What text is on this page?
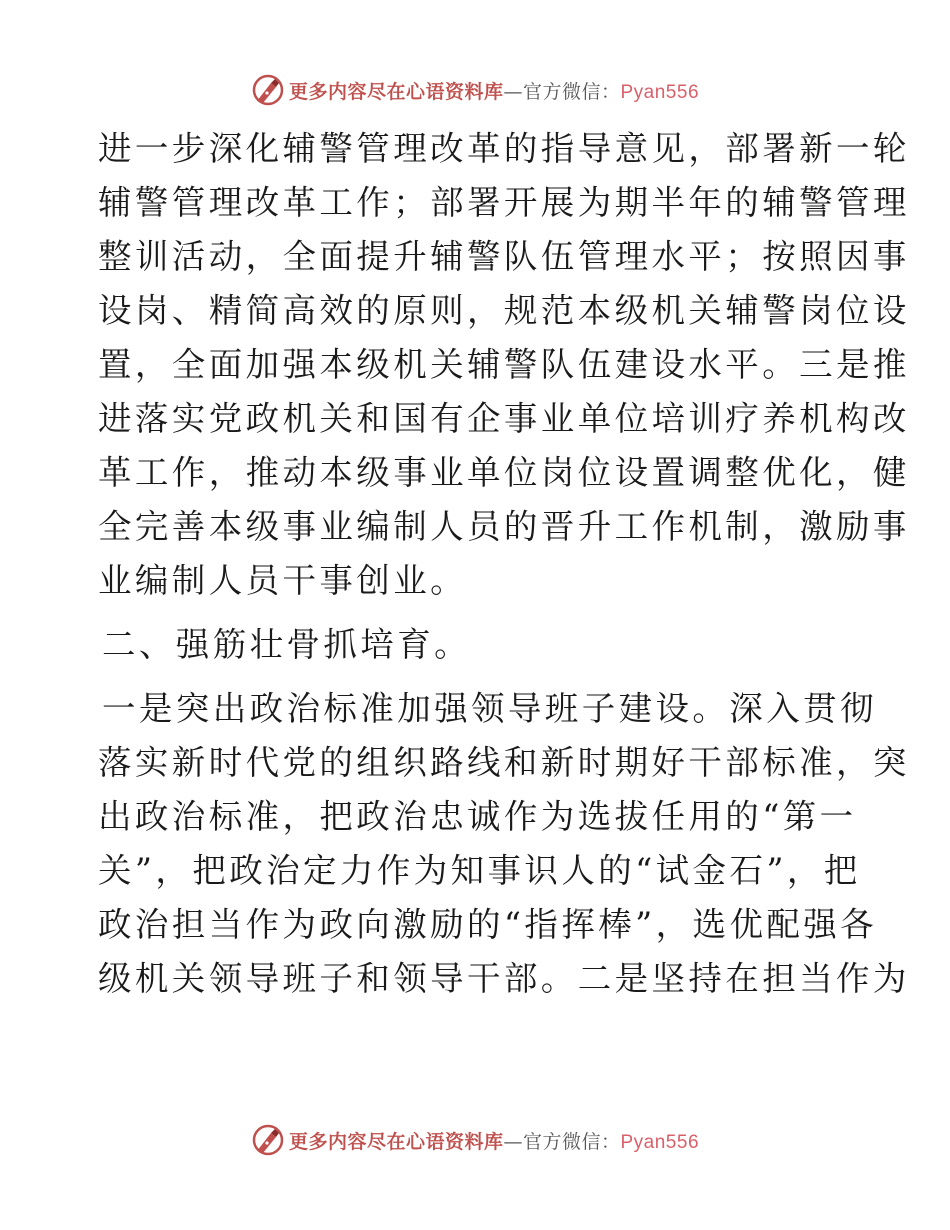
更多内容尽在心语资料库 —官方微信： Pyan556
进一步深化辅警管理改革的指导意见，部署新一轮
辅警管理改革工作；部署开展为期半年的辅警管理
整训活动，全面提升辅警队伍管理水平；按照因事
设岗、精简高效的原则，规范本级机关辅警岗位设
置，全面加强本级机关辅警队伍建设水平。三是推
进落实党政机关和国有企事业单位培训疗养机构改
革工作，推动本级事业单位岗位设置调整优化，健
全完善本级事业编制人员的晋升工作机制，激励事
业编制人员干事创业。
二、强筋壮骨抓培育。
一是突出政治标准加强领导班子建设。深入贯彻
落实新时代党的组织路线和新时期好干部标准，突
出政治标准，把政治忠诚作为选拔任用的“第一
关”，把政治定力作为知事识人的“试金石”，把
政治担当作为政向激励的“指挥棒”，选优配强各
级机关领导班子和领导干部。二是坚持在担当作为
更多内容尽在心语资料库 —官方微信： Pyan556
